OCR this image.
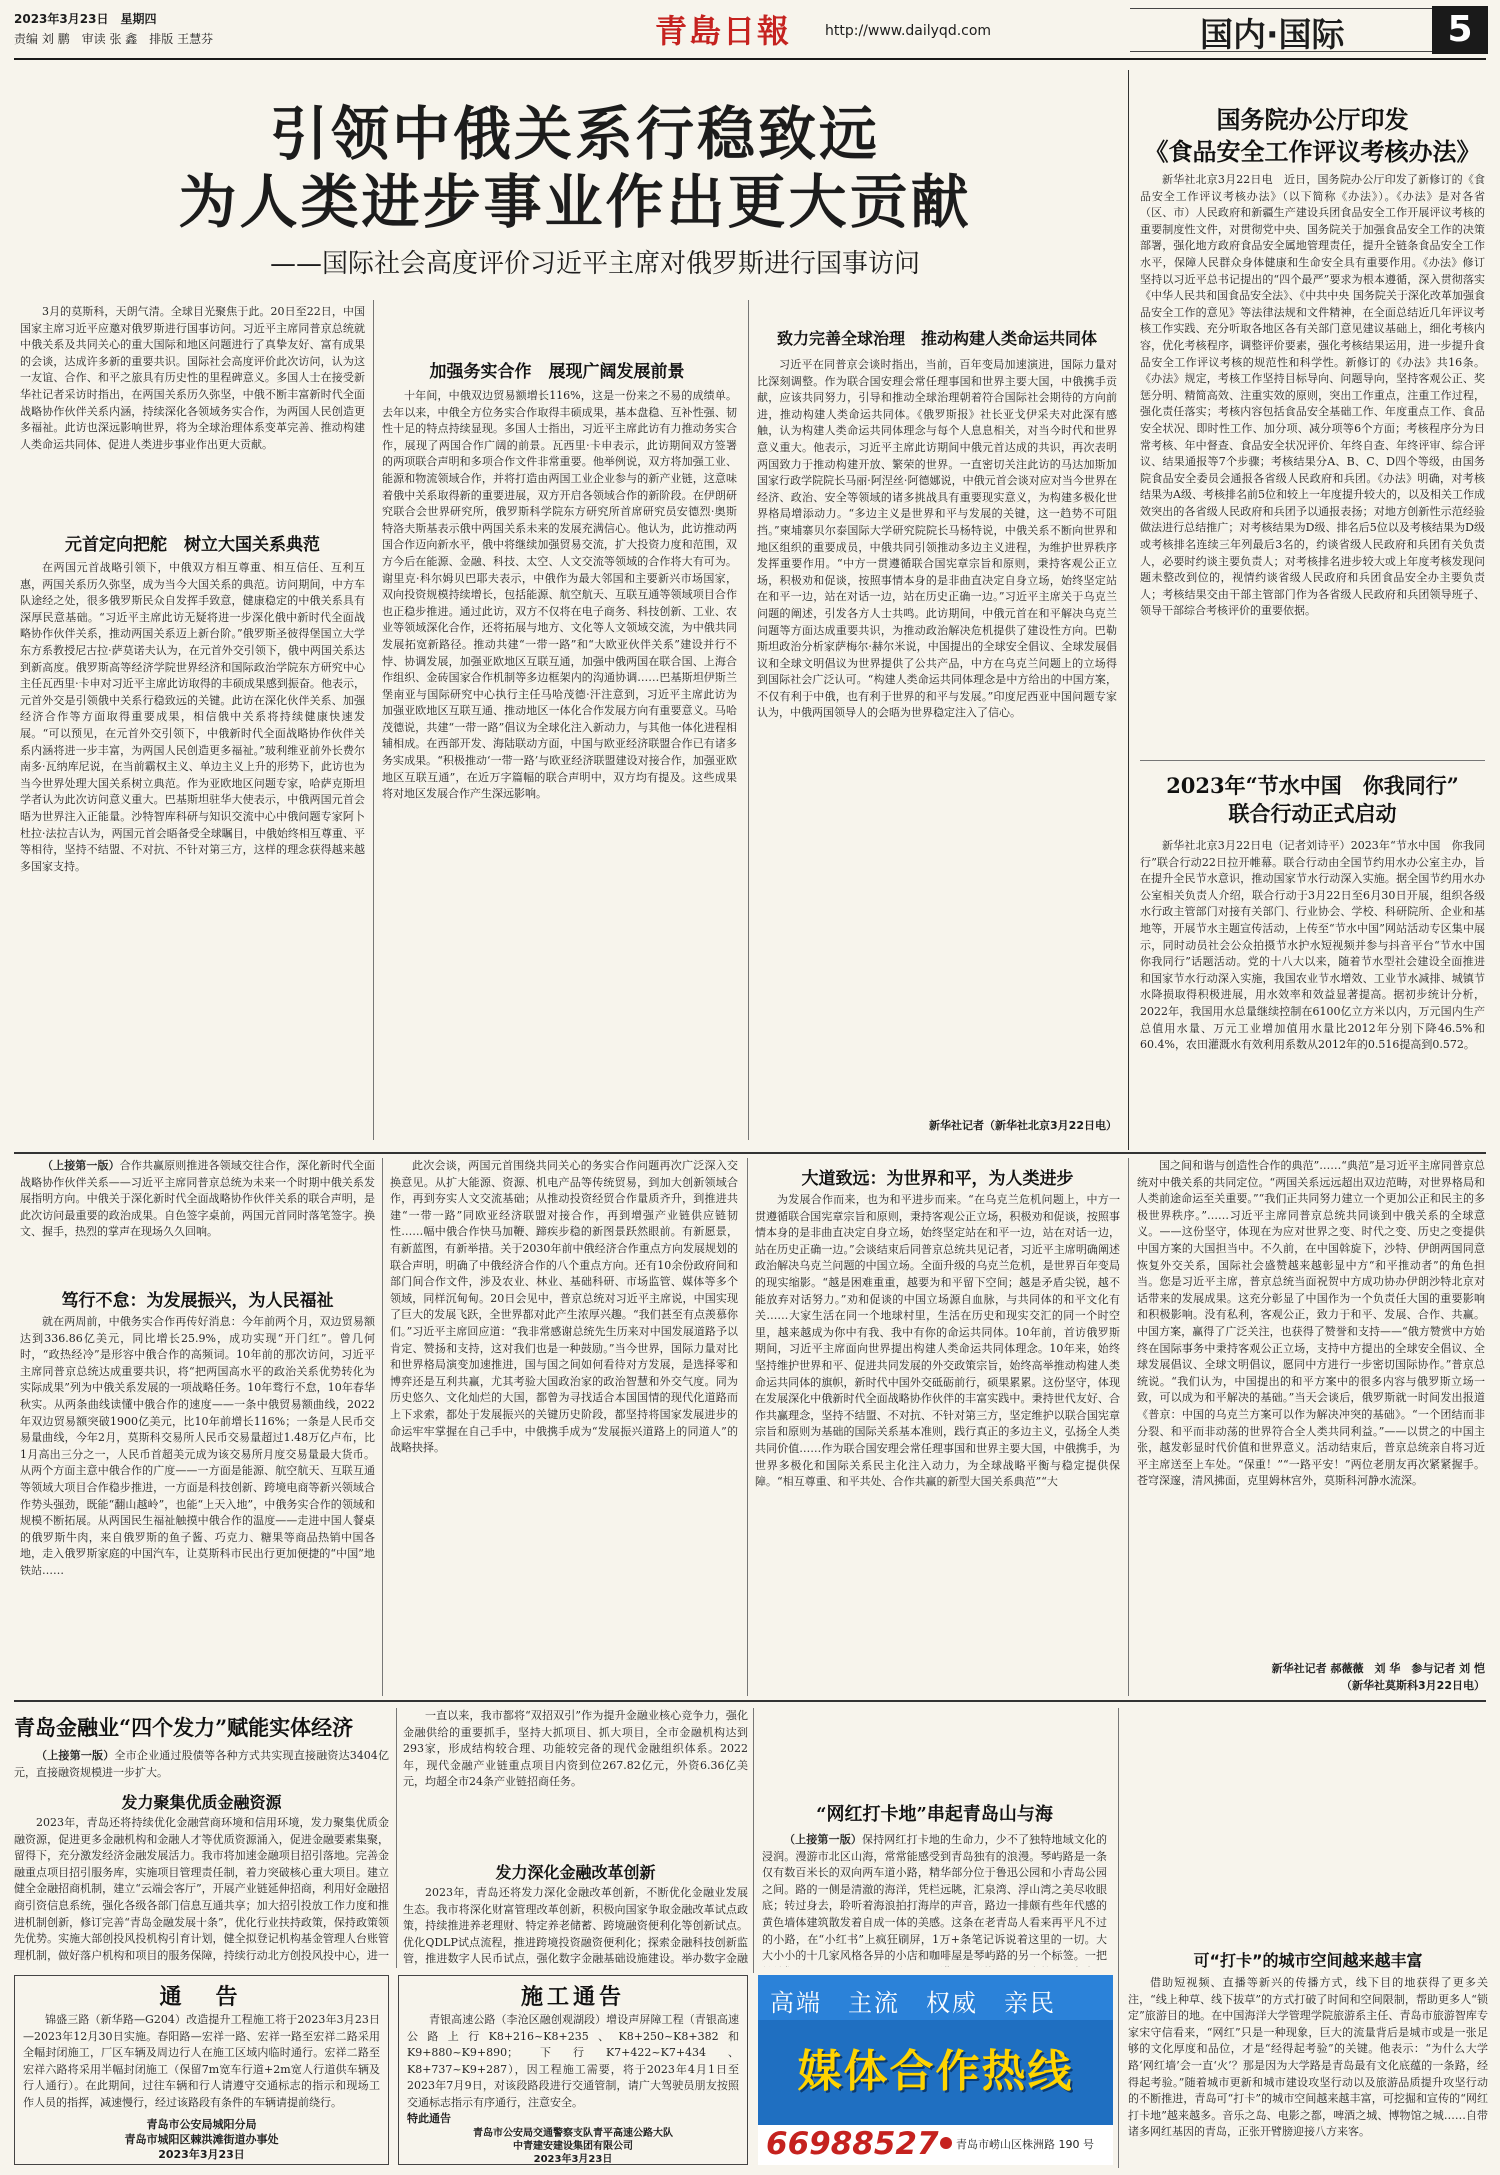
2023年3月23日　星期四
责编 刘 鹏　审读 张 鑫　排版 王慧芬	青島日報 http://www.dailyqd.com	国内·国际	5
引领中俄关系行稳致远
为人类进步事业作出更大贡献
——国际社会高度评价习近平主席对俄罗斯进行国事访问

3月的莫斯科，天朗气清。全球目光聚焦于此。20日至22日，中国国家主席习近平应邀对俄罗斯进行国事访问。习近平主席同普京总统就中俄关系及共同关心的重大国际和地区问题进行了真挚友好、富有成果的会谈，达成许多新的重要共识。国际社会高度评价此次访问，认为这一友谊、合作、和平之旅具有历史性的里程碑意义。多国人士在接受新华社记者采访时指出，在两国关系历久弥坚，中俄不断丰富新时代全面战略协作伙伴关系内涵，持续深化各领域务实合作，为两国人民创造更多福祉。此访也深远影响世界，将为全球治理体系变革完善、推动构建人类命运共同体、促进人类进步事业作出更大贡献。

元首定向把舵　树立大国关系典范

在两国元首战略引领下，中俄双方相互尊重、相互信任、互利互惠，两国关系历久弥坚，成为当今大国关系的典范。访问期间，中方车队途经之处，很多俄罗斯民众自发挥手致意，健康稳定的中俄关系具有深厚民意基础。“习近平主席此访无疑将进一步深化俄中新时代全面战略协作伙伴关系，推动两国关系迈上新台阶。”俄罗斯圣彼得堡国立大学东方系教授尼古拉·萨莫诺夫认为，在元首外交引领下，俄中两国关系达到新高度。俄罗斯高等经济学院世界经济和国际政治学院东方研究中心主任瓦西里·卡申对习近平主席此访取得的丰硕成果感到振奋。他表示，元首外交是引领俄中关系行稳致远的关键。此访在深化伙伴关系、加强经济合作等方面取得重要成果，相信俄中关系将持续健康快速发展。“可以预见，在元首外交引领下，中俄新时代全面战略协作伙伴关系内涵将进一步丰富，为两国人民创造更多福祉。”玻利维亚前外长费尔南多·瓦纳库尼说，在当前霸权主义、单边主义上升的形势下，此访也为当今世界处理大国关系树立典范。作为亚欧地区问题专家，哈萨克斯坦学者认为此次访问意义重大。巴基斯坦驻华大使表示，中俄两国元首会晤为世界注入正能量。沙特智库科研与知识交流中心中俄问题专家阿卜杜拉·法拉吉认为，两国元首会晤备受全球瞩目，中俄始终相互尊重、平等相待，坚持不结盟、不对抗、不针对第三方，这样的理念获得越来越多国家支持。

加强务实合作　展现广阔发展前景

十年间，中俄双边贸易额增长116%，这是一份来之不易的成绩单。去年以来，中俄全方位务实合作取得丰硕成果，基本盘稳、互补性强、韧性十足的特点持续显现。多国人士指出，习近平主席此访有力推动务实合作，展现了两国合作广阔的前景。瓦西里·卡申表示，此访期间双方签署的两项联合声明和多项合作文件非常重要。他举例说，双方将加强工业、能源和物流领域合作，并将打造由两国工业企业参与的新产业链，这意味着俄中关系取得新的重要进展，双方开启各领域合作的新阶段。在伊朗研究联合会世界研究所，俄罗斯科学院东方研究所首席研究员安德烈·奥斯特洛夫斯基表示俄中两国关系未来的发展充满信心。他认为，此访推动两国合作迈向新水平，俄中将继续加强贸易交流，扩大投资力度和范围，双方今后在能源、金融、科技、太空、人文交流等领域的合作将大有可为。谢里克·科尔姆贝巴耶夫表示，中俄作为最大邻国和主要新兴市场国家，双向投资规模持续增长，包括能源、航空航天、互联互通等领域项目合作也正稳步推进。通过此访，双方不仅将在电子商务、科技创新、工业、农业等领域深化合作，还将拓展与地方、文化等人文领域交流，为中俄共同发展拓宽新路径。推动共建“一带一路”和“大欧亚伙伴关系”建设并行不悖、协调发展，加强亚欧地区互联互通，加强中俄两国在联合国、上海合作组织、金砖国家合作机制等多边框架内的沟通协调……巴基斯坦伊斯兰堡南亚与国际研究中心执行主任马哈茂德·汗注意到，习近平主席此访为加强亚欧地区互联互通、推动地区一体化合作发展方向有重要意义。马哈茂德说，共建“一带一路”倡议为全球化注入新动力，与其他一体化进程相辅相成。在西部开发、海陆联动方面，中国与欧亚经济联盟合作已有诸多务实成果。“积极推动‘一带一路’与欧亚经济联盟建设对接合作，加强亚欧地区互联互通”，在近万字篇幅的联合声明中，双方均有提及。这些成果将对地区发展合作产生深远影响。

致力完善全球治理　推动构建人类命运共同体

习近平在同普京会谈时指出，当前，百年变局加速演进，国际力量对比深刻调整。作为联合国安理会常任理事国和世界主要大国，中俄携手贡献，应该共同努力，引导和推动全球治理朝着符合国际社会期待的方向前进，推动构建人类命运共同体。《俄罗斯报》社长亚戈伊采夫对此深有感触，认为构建人类命运共同体理念与每个人息息相关，对当今时代和世界意义重大。他表示，习近平主席此访期间中俄元首达成的共识，再次表明两国致力于推动构建开放、繁荣的世界。一直密切关注此访的马达加斯加国家行政学院院长马丽·阿涅丝·阿德娜说，中俄元首会谈对应对当今世界在经济、政治、安全等领域的诸多挑战具有重要现实意义，为构建多极化世界格局增添动力。“多边主义是世界和平与发展的关键，这一趋势不可阻挡。”柬埔寨贝尔泰国际大学研究院院长马杨特说，中俄关系不断向世界和地区组织的重要成员，中俄共同引领推动多边主义进程，为维护世界秩序发挥重要作用。“中方一贯遵循联合国宪章宗旨和原则，秉持客观公正立场，积极劝和促谈，按照事情本身的是非曲直决定自身立场，始终坚定站在和平一边，站在对话一边，站在历史正确一边。”习近平主席关于乌克兰问题的阐述，引发各方人士共鸣。此访期间，中俄元首在和平解决乌克兰问题等方面达成重要共识，为推动政治解决危机提供了建设性方向。巴勒斯坦政治分析家萨梅尔·赫尔米说，中国提出的全球安全倡议、全球发展倡议和全球文明倡议为世界提供了公共产品，中方在乌克兰问题上的立场得到国际社会广泛认可。“构建人类命运共同体理念是中方给出的中国方案，不仅有利于中俄，也有利于世界的和平与发展。”印度尼西亚中国问题专家认为，中俄两国领导人的会晤为世界稳定注入了信心。

新华社记者（新华社北京3月22日电）
国务院办公厅印发
《食品安全工作评议考核办法》

新华社北京3月22日电　近日，国务院办公厅印发了新修订的《食品安全工作评议考核办法》（以下简称《办法》）。《办法》是对各省（区、市）人民政府和新疆生产建设兵团食品安全工作开展评议考核的重要制度性文件，对贯彻党中央、国务院关于加强食品安全工作的决策部署，强化地方政府食品安全属地管理责任，提升全链条食品安全工作水平，保障人民群众身体健康和生命安全具有重要作用。《办法》修订坚持以习近平总书记提出的“四个最严”要求为根本遵循，深入贯彻落实《中华人民共和国食品安全法》、《中共中央 国务院关于深化改革加强食品安全工作的意见》等法律法规和文件精神，在全面总结近几年评议考核工作实践、充分听取各地区各有关部门意见建议基础上，细化考核内容，优化考核程序，调整评价要素，强化考核结果运用，进一步提升食品安全工作评议考核的规范性和科学性。新修订的《办法》共16条。《办法》规定，考核工作坚持目标导向、问题导向，坚持客观公正、奖惩分明、精简高效、注重实效的原则，突出工作重点，注重工作过程，强化责任落实；考核内容包括食品安全基础工作、年度重点工作、食品安全状况、即时性工作、加分项、减分项等6个方面；考核程序分为日常考核、年中督查、食品安全状况评价、年终自查、年终评审、综合评议、结果通报等7个步骤；考核结果分A、B、C、D四个等级，由国务院食品安全委员会通报各省级人民政府和兵团。《办法》明确，对考核结果为A级、考核排名前5位和较上一年度提升较大的，以及相关工作成效突出的各省级人民政府和兵团予以通报表扬；对地方创新性示范经验做法进行总结推广；对考核结果为D级、排名后5位以及考核结果为D级或考核排名连续三年列最后3名的，约谈省级人民政府和兵团有关负责人，必要时约谈主要负责人；对考核排名进步较大或上年度考核发现问题未整改到位的，视情约谈省级人民政府和兵团食品安全办主要负责人；考核结果交由干部主管部门作为各省级人民政府和兵团领导班子、领导干部综合考核评价的重要依据。

2023年“节水中国　你我同行”
联合行动正式启动

新华社北京3月22日电（记者刘诗平）2023年“节水中国　你我同行”联合行动22日拉开帷幕。联合行动由全国节约用水办公室主办，旨在提升全民节水意识，推动国家节水行动深入实施。据全国节约用水办公室相关负责人介绍，联合行动于3月22日至6月30日开展，组织各级水行政主管部门对接有关部门、行业协会、学校、科研院所、企业和基地等，开展节水主题宣传活动，上传至“节水中国”网站活动专区集中展示，同时动员社会公众拍摄节水护水短视频并参与抖音平台“节水中国　你我同行”话题活动。党的十八大以来，随着节水型社会建设全面推进和国家节水行动深入实施，我国农业节水增效、工业节水减排、城镇节水降损取得积极进展，用水效率和效益显著提高。据初步统计分析，2022年，我国用水总量继续控制在6100亿立方米以内，万元国内生产总值用水量、万元工业增加值用水量比2012年分别下降46.5%和60.4%，农田灌溉水有效利用系数从2012年的0.516提高到0.572。

（上接第一版）合作共赢原则推进各领域交往合作，深化新时代全面战略协作伙伴关系——习近平主席同普京总统为未来一个时期中俄关系发展指明方向。中俄关于深化新时代全面战略协作伙伴关系的联合声明，是此次访问最重要的政治成果。自色签字桌前，两国元首同时落笔签字。换文、握手，热烈的掌声在现场久久回响。

笃行不怠：为发展振兴，为人民福祉

就在两周前，中俄务实合作再传好消息：今年前两个月，双边贸易额达到336.86亿美元，同比增长25.9%，成功实现“开门红”。曾几何时，“政热经冷”是形容中俄合作的高频词。10年前的那次访问，习近平主席同普京总统达成重要共识，将“把两国高水平的政治关系优势转化为实际成果”列为中俄关系发展的一项战略任务。10年骛行不怠，10年春华秋实。从两条曲线读懂中俄合作的速度——一条中俄贸易额曲线，2022年双边贸易额突破1900亿美元，比10年前增长116%；一条是人民币交易量曲线，今年2月，莫斯科交易所人民币交易量超过1.48万亿卢布，比1月高出三分之一，人民币首超美元成为该交易所月度交易量最大货币。从两个方面主意中俄合作的广度——一方面是能源、航空航天、互联互通等领域大项目合作稳步推进，一方面是科技创新、跨境电商等新兴领域合作势头强劲，既能“翻山越岭”，也能“上天入地”，中俄务实合作的领域和规模不断拓展。从两国民生福祉触摸中俄合作的温度——走进中国人餐桌的俄罗斯牛肉，来自俄罗斯的鱼子酱、巧克力、糖果等商品热销中国各地，走入俄罗斯家庭的中国汽车，让莫斯科市民出行更加便捷的“中国”地铁站……

此次会谈，两国元首围绕共同关心的务实合作问题再次广泛深入交换意见。从扩大能源、资源、机电产品等传统贸易，到加大创新领域合作，再到夯实人文交流基础；从推动投资经贸合作量质齐升，到推进共建“一带一路”同欧亚经济联盟对接合作，再到增强产业链供应链韧性……幅中俄合作快马加鞭、蹄疾步稳的新图景跃然眼前。有新愿景，有新蓝图，有新举措。关于2030年前中俄经济合作重点方向发展规划的联合声明，明确了中俄经济合作的八个重点方向。还有10余份政府间和部门间合作文件，涉及农业、林业、基础科研、市场监管、媒体等多个领域，同样沉甸甸。20日会见中，普京总统对习近平主席说，中国实现了巨大的发展飞跃，全世界都对此产生浓厚兴趣。“我们甚至有点羡慕你们。”习近平主席回应道：“我非常感谢总统先生历来对中国发展道路予以肯定、赞扬和支持，这对我们也是一种鼓励。”当今世界，国际力量对比和世界格局演变加速推进，国与国之间如何看待对方发展，是选择零和博弈还是互利共赢，尤其考验大国政治家的政治智慧和外交气度。同为历史悠久、文化灿烂的大国，都曾为寻找适合本国国情的现代化道路而上下求索，都处于发展振兴的关键历史阶段，都坚持将国家发展进步的命运牢牢掌握在自己手中，中俄携手成为“发展振兴道路上的同道人”的战略抉择。

大道致远：为世界和平，为人类进步

为发展合作而来，也为和平进步而来。“在乌克兰危机问题上，中方一贯遵循联合国宪章宗旨和原则，秉持客观公正立场，积极劝和促谈，按照事情本身的是非曲直决定自身立场，始终坚定站在和平一边，站在对话一边，站在历史正确一边。”会谈结束后同普京总统共见记者，习近平主席明确阐述政治解决乌克兰问题的中国立场。全面升级的乌克兰危机，是世界百年变局的现实缩影。“越是困难重重，越要为和平留下空间；越是矛盾尖锐，越不能放弃对话努力。”劝和促谈的中国立场源自血脉，与共同体的和平文化有关……大家生活在同一个地球村里，生活在历史和现实交汇的同一个时空里，越来越成为你中有我、我中有你的命运共同体。10年前，首访俄罗斯期间，习近平主席面向世界提出构建人类命运共同体理念。10年来，始终坚持维护世界和平、促进共同发展的外交政策宗旨，始终高举推动构建人类命运共同体的旗帜，新时代中国外交砥砺前行，硕果累累。这份坚守，体现在发展深化中俄新时代全面战略协作伙伴的丰富实践中。秉持世代友好、合作共赢理念，坚持不结盟、不对抗、不针对第三方，坚定维护以联合国宪章宗旨和原则为基础的国际关系基本准则，践行真正的多边主义，弘扬全人类共同价值……作为联合国安理会常任理事国和世界主要大国，中俄携手，为世界多极化和国际关系民主化注入动力，为全球战略平衡与稳定提供保障。“相互尊重、和平共处、合作共赢的新型大国关系典范”“大

国之间和谐与创造性合作的典范”……“典范”是习近平主席同普京总统对中俄关系的共同定位。“两国关系远远超出双边范畴，对世界格局和人类前途命运至关重要。”“我们正共同努力建立一个更加公正和民主的多极世界秩序。”……习近平主席同普京总统共同谈到中俄关系的全球意义。——这份坚守，体现在为应对世界之变、时代之变、历史之变提供中国方案的大国担当中。不久前，在中国斡旋下，沙特、伊朗两国同意恢复外交关系，国际社会盛赞越来越彰显中方“和平推动者”的角色担当。您是习近平主席，普京总统当面祝贺中方成功协办伊朗沙特北京对话带来的发展成果。这充分彰显了中国作为一个负责任大国的重要影响和积极影响。没有私利，客观公正，致力于和平、发展、合作、共赢。中国方案，赢得了广泛关注，也获得了赞誉和支持——“俄方赞赏中方始终在国际事务中秉持客观公正立场，支持中方提出的全球安全倡议、全球发展倡议、全球文明倡议，愿同中方进行一步密切国际协作。”普京总统说。“我们认为，中国提出的和平方案中的很多内容与俄罗斯立场一致，可以成为和平解决的基础。”当天会谈后，俄罗斯就一时间发出报道《普京：中国的乌克兰方案可以作为解决冲突的基础》。“一个团结而非分裂、和平而非动荡的世界符合全人类共同利益。”——以贯之的中国主张，越发彰显时代价值和世界意义。活动结束后，普京总统亲自将习近平主席送至上车处。“保重！”“一路平安！”两位老朋友再次紧紧握手。苍穹深邃，清风拂面，克里姆林宫外，莫斯科河静水流深。

新华社记者 郝薇薇　刘 华　参与记者 刘 恺
（新华社莫斯科3月22日电）
青岛金融业“四个发力”赋能实体经济

（上接第一版）全市企业通过股债等各种方式共实现直接融资达3404亿元，直接融资规模进一步扩大。

发力聚集优质金融资源

2023年，青岛还将持续优化金融营商环境和信用环境，发力聚集优质金融资源，促进更多金融机构和金融人才等优质资源涌入，促进金融要素集聚，留得下，充分激发经济金融发展活力。我市将加速金融项目招引落地。完善金融重点项目招引服务库，实施项目管理责任制，着力突破核心重大项目。建立健全金融招商机制，建立“云端会客厅”，开展产业链延伸招商，利用好金融招商引资信息系统，强化各级各部门信息互通共享；加大招引投放工作力度和推进机制创新，修订完善“青岛金融发展十条”，优化行业扶持政策，保持政策领先优势。实施大部创投风投机构引育计划，健全拟登记机构基金管理人台账管理机制，做好落户机构和项目的服务保障，持续行动北方创投风投中心，进一

一直以来，我市都将“双招双引”作为提升金融业核心竞争力，强化金融供给的重要抓手，坚持大抓项目、抓大项目，全市金融机构达到293家，形成结构较合理、功能较完备的现代金融组织体系。2022年，现代金融产业链重点项目内资到位267.82亿元，外资6.36亿美元，均超全市24条产业链招商任务。

发力深化金融改革创新

2023年，青岛还将发力深化金融改革创新，不断优化金融业发展生态。我市将深化财富管理改革创新，积极向国家争取金融改革试点政策，持续推进养老理财、特定养老储蓄、跨境融资便利化等创新试点。优化QDLP试点流程，推进跨境投资融资便利化；探索金融科技创新监管，推进数字人民币试点，强化数字金融基础设施建设。举办数字金融

“网红打卡地”串起青岛山与海

（上接第一版）保持网红打卡地的生命力，少不了独特地域文化的浸润。漫游市北区山海，常常能感受到青岛独有的浪漫。琴屿路是一条仅有数百米长的双向两车道小路，精华部分位于鲁迅公园和小青岛公园之间。路的一侧是清澈的海洋，凭栏远眺，汇泉湾、浮山湾之美尽收眼底；转过身去，聆听着海浪拍打海岸的声音，路边一排颇有些年代感的黄色墙体建筑散发着自成一体的美感。这条在老青岛人看来再平凡不过的小路，在“小红书”上疯狂刷屏，1万+条笔记诉说着这里的一切。大大小小的十几家风格各异的小店和咖啡屋是琴屿路的另一个标签。一把	可“打卡”的城市空间越来越丰富

借助短视频、直播等新兴的传播方式，线下目的地获得了更多关注，“线上种草、线下拔草”的方式打破了时间和空间限制，帮助更多人“锁定”旅游目的地。在中国海洋大学管理学院旅游系主任、青岛市旅游智库专家宋守信看来，“网红”只是一种现象，巨大的流量背后是城市或是一张足够的文化厚度和品位，才是“经得起考验”的关键。他表示：“为什么大学路‘网红墙’会一直‘火’？那是因为大学路是青岛最有文化底蕴的一条路，经得起考验。”随着城市更新和城市建设攻坚行动以及旅游品质提升攻坚行动的不断推进，青岛可“打卡”的城市空间越来越丰富，可挖掘和宣传的“网红打卡地”越来越多。音乐之岛、电影之都，啤酒之城、博物馆之城……自带诸多网红基因的青岛，正张开臂膀迎接八方来客。

通　告

锦盛三路（新华路—G204）改造提升工程施工将于2023年3月23日—2023年12月30日实施。春阳路—宏祥一路、宏祥一路至宏祥二路采用全幅封闭施工，厂区车辆及周边行人在施工区域内临时通行。宏祥二路至宏祥六路将采用半幅封闭施工（保留7m宽车行道+2m宽人行道供车辆及行人通行）。在此期间，过往车辆和行人请遵守交通标志的指示和现场工作人员的指挥，减速慢行，经过该路段有条件的车辆请提前绕行。

青岛市公安局城阳分局
青岛市城阳区棘洪滩街道办事处
2023年3月23日
施工通告

青银高速公路（李沧区融创观湖段）增设声屏障工程（青银高速公路上行K8+216~K8+235、K8+250~K8+382和K9+880~K9+890；下行K7+422~K7+434、K8+737~K9+287），因工程施工需要，将于2023年4月1日至2023年7月9日，对该段路段进行交通管制，请广大驾驶员朋友按照交通标志指示有序通行，注意安全。

特此通告
青岛市公安局交通警察支队青平高速公路大队
中青建安建设集团有限公司
2023年3月23日
高端　主流　权威　亲民
媒体合作热线
66988527 青岛市崂山区株洲路 190 号
